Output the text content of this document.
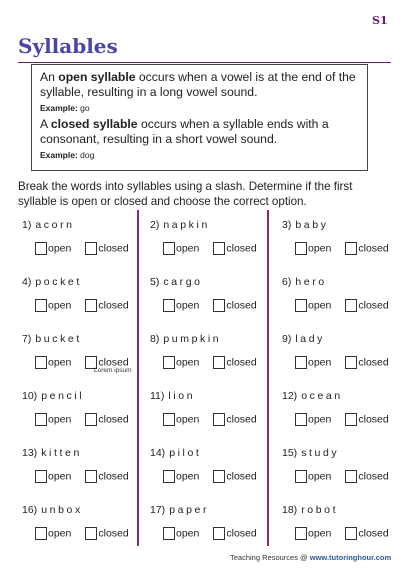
S1
Syllables
An open syllable occurs when a vowel is at the end of the syllable, resulting in a long vowel sound.
Example: go
A closed syllable occurs when a syllable ends with a consonant, resulting in a short vowel sound.
Example: dog
Break the words into syllables using a slash. Determine if the first syllable is open or closed and choose the correct option.
1) acorn
open	closed
2) napkin
open	closed
3) baby
open	closed
4) pocket
open	closed
5) cargo
open	closed
6) hero
open	closed
7) bucket
open	closed
8) pumpkin
open	closed
9) lady
open	closed
10) pencil
open	closed
11) lion
open	closed
12) ocean
open	closed
13) kitten
open	closed
14) pilot
open	closed
15) study
open	closed
16) unbox
open	closed
17) paper
open	closed
18) robot
open	closed
Lorem ipsum
Teaching Resources @ www.tutoringhour.com
